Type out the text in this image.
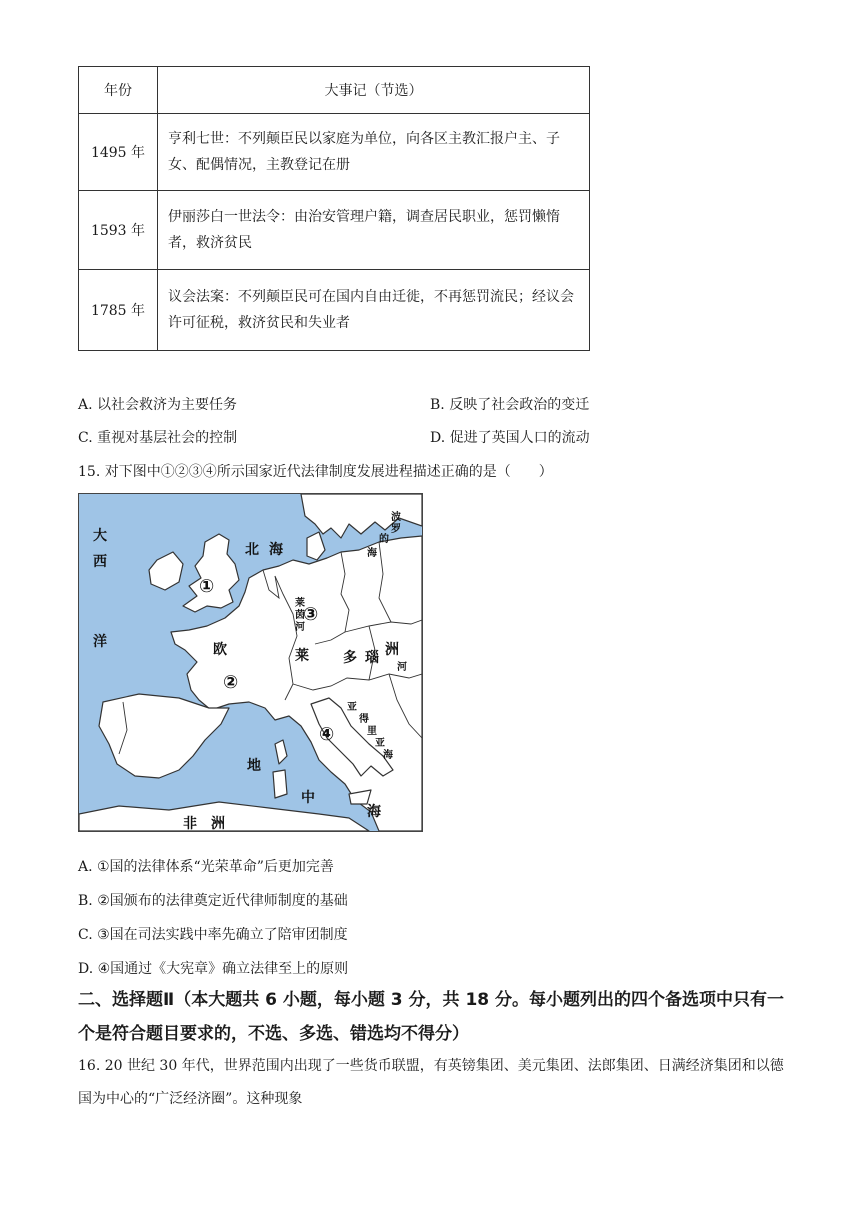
年份	大事记（节选）
1495 年	亨利七世：不列颠臣民以家庭为单位，向各区主教汇报户主、子女、配偶情况，主教登记在册
1593 年	伊丽莎白一世法令：由治安管理户籍，调查居民职业，惩罚懒惰者，救济贫民
1785 年	议会法案：不列颠臣民可在国内自由迁徙，不再惩罚流民；经议会许可征税，救济贫民和失业者
A. 以社会救济为主要任务	B. 反映了社会政治的变迁
C. 重视对基层社会的控制	D. 促进了英国人口的流动
15. 对下图中①②③④所示国家近代法律制度发展进程描述正确的是（　　）
大
西
洋
北 海
莱
欧	洲
多 瑙
地
中
海
非　洲
波
罗
的
海
莱
茵
河
河
亚
得
里
亚
海
①
②
③
④
A. ①国的法律体系“光荣革命”后更加完善
B. ②国颁布的法律奠定近代律师制度的基础
C. ③国在司法实践中率先确立了陪审团制度
D. ④国通过《大宪章》确立法律至上的原则
二、选择题Ⅱ（本大题共 6 小题，每小题 3 分，共 18 分。每小题列出的四个备选项中只有一个是符合题目要求的，不选、多选、错选均不得分）
16. 20 世纪 30 年代，世界范围内出现了一些货币联盟，有英镑集团、美元集团、法郎集团、日满经济集团和以德国为中心的“广泛经济圈”。这种现象
